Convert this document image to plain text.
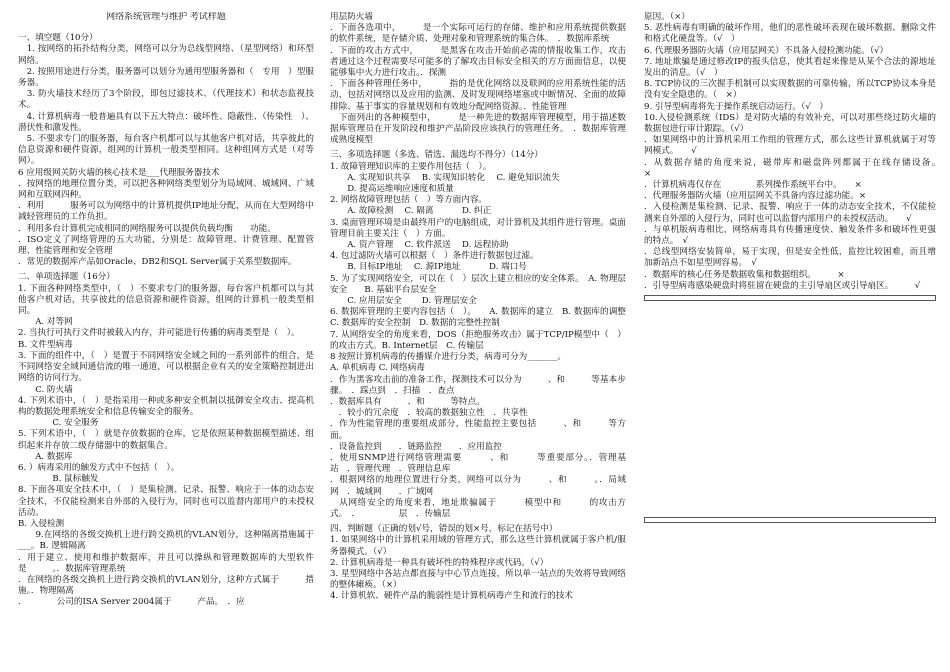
网络系统管理与维护 考试样题
一、填空题（10分）
　1. 按网络的拓扑结构分类，网络可以分为总线型网络、（星型网络）和环型网络。
　2. 按照用途进行分类，服务器可以划分为通用型服务器和（　专用　）型服务器。
　3. 防火墙技术经历了3个阶段，即包过滤技术、（代理技术）和状态监视技术。
　4. 计算机病毒一般普遍具有以下五大特点：破坏性、隐蔽性、（传染性　）、潜伏性和激发性。
　5. 不要求专门的服务器，每台客户机都可以与其他客户机对话，共享彼此的信息资源和硬件资源，组网的计算机一般类型相同。这种组网方式是（对等网）。
6 应用级网关防火墙的核心技术是___代理服务器技术
．按网络的地理位置分类，可以把各种网络类型划分为局域网、城域网、广域网和互联网四种。
．利用　　　服务可以为网络中的计算机提供IP地址分配，从而在大型网络中减轻管理员的工作负担。
．利用多台计算机完成相同的网络服务可以提供负载均衡　　功能。
．ISO定义了网络管理的五大功能，分别是：故障管理、计费管理、配置管理、性能管理和安全管理
．常见的数据库产品如Oracle、DB2和SQL Server属于关系型数据库。
二、单项选择题（16分）
1. 下面各种网络类型中，（　）不要求专门的服务器，每台客户机都可以与其他客户机对话，共享彼此的信息资源和硬件资源，组网的计算机一般类型相同。
　　A. 对等网
2. 当执行可执行文件时被载入内存，并可能进行传播的病毒类型是（　）。
B. 文件型病毒
3. 下面的组件中，（　）是置于不同网络安全域之间的一系列部件的组合，是不同网络安全域间通信流的唯一通道，可以根据企业有关的安全策略控制进出网络的访问行为。
　　C. 防火墙
4. 下列术语中，（　）是指采用一种或多种安全机制以抵御安全攻击、提高机构的数据处理系统安全和信息传输安全的服务。
　　　　C. 安全服务
5. 下列术语中，（　）就是存放数据的仓库，它是依照某种数据模型描述、组织起来并存放二级存储器中的数据集合。
　　A. 数据库
6. ）病毒采用的触发方式中不包括（　）。
　　　　B. 鼠标触发
8. 下面各项安全技术中，（　）是集检测、记录、报警、响应于一体的动态安全技术，不仅能检测来自外部的入侵行为，同时也可以监督内部用户的未授权活动。
B. 入侵检测
　　9.在网络的各级交换机上进行跨交换机的VLAN划分，这种隔离措施属于___。B. 逻辑隔离
．用于建立、使用和维护数据库，并且可以操纵和管理数据库的大型软件是　　　。．数据库管理系统
．在网络的各级交换机上进行跨交换机的VLAN划分，这种方式属于　　　措施。．物理隔离
．　　　　公司的ISA Server 2004属于　　　产品。　．应
用层防火墙
．下面各选项中，　　　是一个实际可运行的存储、维护和应用系统提供数据的软件系统，是存储介质、处理对象和管理系统的集合体。　．数据库系统
．下面的攻击方式中，　　　是黑客在攻击开始前必需的情报收集工作，攻击者通过这个过程需要尽可能多的了解攻击目标安全相关的方方面面信息，以便能够集中火力进行攻击。．探测
．下面各种管理任务中，　　　指的是优化网络以及联网的应用系统性能的活动，包括对网络以及应用的监测、及时发现网络堵塞或中断情况、全面的故障排除、基于事实的容量规划和有效地分配网络资源。．性能管理
　下面列出的各种模型中，　　　是一种先进的数据库管理模型，用于描述数据库管理员在开发阶段和维护产品阶段应该执行的管理任务。　．数据库管理成熟度模型
三、多项选择题（多选、错选、漏选均不得分）（14分）
1. 故障管理知识库的主要作用包括（　）。
　　A. 实现知识共享　 B. 实现知识转化　 C. 避免知识流失
　　D. 提高运维响应速度和质量
2. 网络故障管理包括（　）等方面内容。
　　A. 故障检测　 C. 隔离　　　 D. 纠正
3. 桌面管理环境是由最终用户的电脑组成，对计算机及其组件进行管理。桌面管理目前主要关注（　）方面。
　　A. 资产管理　 C. 软件派送　 D. 远程协助
4. 包过滤防火墙可以根据（　）条件进行数据包过滤。
　　B. 目标IP地址　 C. 源IP地址　　　 D. 端口号
5. 为了实现网络安全，可以在（　）层次上建立相应的安全体系。　A. 物理层安全　　B. 基础平台层安全
　　C. 应用层安全　　 D. 管理层安全
6. 数据库管理的主要内容包括（　）。　　A. 数据库的建立　B. 数据库的调整C. 数据库的安全控制　D. 数据的完整性控制
7. 从网络安全的角度来看，DOS（拒绝服务攻击）属于TCP/IP模型中（　）的攻击方式。B. Internet层　C. 传输层
8 按照计算机病毒的传播媒介进行分类，病毒可分为_______。
A. 单机病毒 C. 网络病毒
．作为黑客攻击前的准备工作，探测技术可以分为　　　、和　　　等基本步骤。　．踩点到　．扫描　．查点
．数据库具有　　　、和　　　等特点。
　．较小的冗余度　．较高的数据独立性　．共享性
．作为性能管理的重要组成部分，性能监控主要包括　　　、和　　　等方面。
．设备监控到　　．链路监控　　．应用监控
．使用SNMP进行网络管理需要　　　、和　　　等重要部分。．管理基站　．管理代理　．管理信息库
．根据网络的地理位置进行分类，网络可以分为　　　、和　　　。．局域网　．城域网　　．广域网
　从网络安全的角度来看，地址欺骗属于　　　模型中和　　　的攻击方式。　．　　　　　层　．传输层
四、判断题（正确的划√号，错误的划×号，标记在括号中）
1. 如果网络中的计算机采用域的管理方式，那么这些计算机就属于客户机/服务器模式。（√）
2. 计算机病毒是一种具有破坏性的特殊程序或代码。（√）
3. 星型网络中各站点都直接与中心节点连接，所以单一站点的失效将导致网络的整体瘫痪。（×）
4. 计算机软、硬件产品的脆弱性是计算机病毒产生和流行的技术
原因。（×）
5. 恶性病毒有明确的破坏作用，他们的恶性破坏表现在破坏数据、删除文件和格式化硬盘等。（√　）
6. 代理服务器防火墙（应用层网关）不具备入侵检测功能。（√）
7. 地址欺骗是通过修改IP的报头信息，使其看起来像是从某个合法的源地址发出的消息。（√　）
8. TCP协议的三次握手机制可以实现数据的可靠传输，所以TCP协议本身是没有安全隐患的。（　×）
9. 引导型病毒将先于操作系统启动运行。（√　）
10.入侵检测系统（IDS）是对防火墙的有效补充，可以对那些绕过防火墙的数据包进行审计跟踪。（√）
．如果网络中的计算机采用工作组的管理方式，那么这些计算机就属于对等网模式。　　√
．从数据存储的角度来说，磁带库和磁盘阵列都属于在线存储设备。　　　　×
．计算机病毒仅存在　　　　系列操作系统平台中。　　×
．代理服务器防火墙（应用层网关不具备内容过滤功能。×
．入侵检测是集检测、记录、报警、响应于一体的动态安全技术，不仅能检测来自外部的入侵行为，同时也可以监督内部用户的未授权活动。　　√
．与单机版病毒相比，网络病毒具有传播速度快、触发条件多和破坏性更强的特点。　√
．总线型网络安装简单，易于实现，但是安全性低，监控比较困难，而且增加新站点不如星型网容易。　√
．数据库的核心任务是数据收集和数据组织。　　　×
．引导型病毒感染硬盘时将驻留在硬盘的主引导扇区或引导扇区。　　　√
